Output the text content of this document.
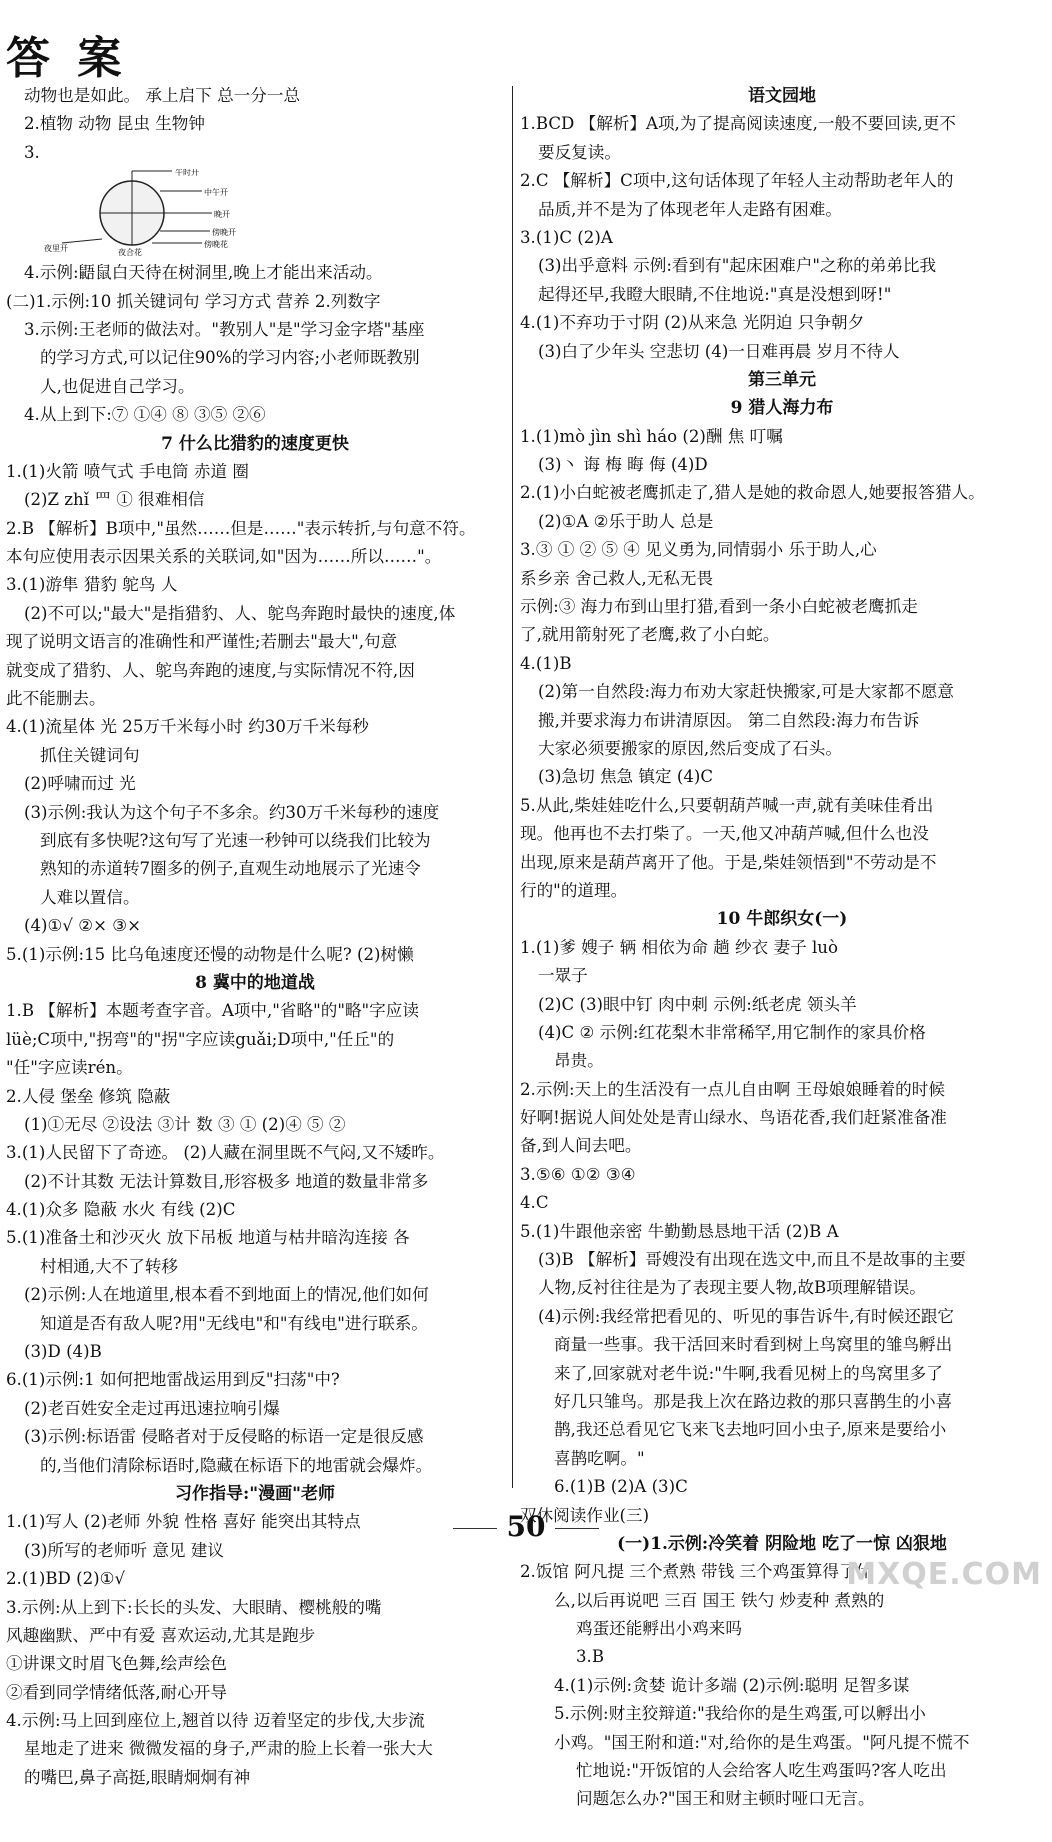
答 案
动物也是如此。 承上启下 总一分一总
2.植物 动物 昆虫 生物钟
3.
午时开
中午开
晚开
傍晚开
傍晚花
夜里开	夜合花
4.示例:鼯鼠白天待在树洞里,晚上才能出来活动。
(二)1.示例:10 抓关键词句 学习方式 营养 2.列数字
3.示例:王老师的做法对。"教别人"是"学习金字塔"基座
的学习方式,可以记住90%的学习内容;小老师既教别
人,也促进自己学习。
4.从上到下:⑦ ①④ ⑧ ③⑤ ②⑥
7 什么比猎豹的速度更快
1.(1)火箭 喷气式 手电筒 赤道 圈
(2)Z zhǐ 罒 ① 很难相信
2.B 【解析】B项中,"虽然……但是……"表示转折,与句意不符。
本句应使用表示因果关系的关联词,如"因为……所以……"。
3.(1)游隼 猎豹 鸵鸟 人
(2)不可以;"最大"是指猎豹、人、鸵鸟奔跑时最快的速度,体
现了说明文语言的准确性和严谨性;若删去"最大",句意
就变成了猎豹、人、鸵鸟奔跑的速度,与实际情况不符,因
此不能删去。
4.(1)流星体 光 25万千米每小时 约30万千米每秒
抓住关键词句
(2)呼啸而过 光
(3)示例:我认为这个句子不多余。约30万千米每秒的速度
到底有多快呢?这句写了光速一秒钟可以绕我们比较为
熟知的赤道转7圈多的例子,直观生动地展示了光速令
人难以置信。
(4)①√ ②× ③×
5.(1)示例:15 比乌龟速度还慢的动物是什么呢? (2)树懒
8 冀中的地道战
1.B 【解析】本题考查字音。A项中,"省略"的"略"字应读
lüè;C项中,"拐弯"的"拐"字应读guǎi;D项中,"任丘"的
"任"字应读rén。
2.人侵 堡垒 修筑 隐蔽
(1)①无尽 ②设法 ③计 数 ③ ① (2)④ ⑤ ②
3.(1)人民留下了奇迹。 (2)人藏在洞里既不气闷,又不矮昨。
(2)不计其数 无法计算数目,形容极多 地道的数量非常多
4.(1)众多 隐蔽 水火 有线 (2)C
5.(1)准备土和沙灭火 放下吊板 地道与枯井暗沟连接 各
村相通,大不了转移
(2)示例:人在地道里,根本看不到地面上的情况,他们如何
知道是否有敌人呢?用"无线电"和"有线电"进行联系。
(3)D (4)B
6.(1)示例:1 如何把地雷战运用到反"扫荡"中?
(2)老百姓安全走过再迅速拉响引爆
(3)示例:标语雷 侵略者对于反侵略的标语一定是很反感
的,当他们清除标语时,隐藏在标语下的地雷就会爆炸。
习作指导:"漫画"老师
1.(1)写人 (2)老师 外貌 性格 喜好 能突出其特点
(3)所写的老师听 意见 建议
2.(1)BD (2)①√
3.示例:从上到下:长长的头发、大眼睛、樱桃般的嘴
风趣幽默、严中有爱 喜欢运动,尤其是跑步
①讲课文时眉飞色舞,绘声绘色
②看到同学情绪低落,耐心开导
4.示例:马上回到座位上,翘首以待 迈着坚定的步伐,大步流
星地走了进来 微微发福的身子,严肃的脸上长着一张大大
的嘴巴,鼻子高挺,眼睛炯炯有神
语文园地
1.BCD 【解析】A项,为了提高阅读速度,一般不要回读,更不
要反复读。
2.C 【解析】C项中,这句话体现了年轻人主动帮助老年人的
品质,并不是为了体现老年人走路有困难。
3.(1)C (2)A
(3)出乎意料 示例:看到有"起床困难户"之称的弟弟比我
起得还早,我瞪大眼睛,不住地说:"真是没想到呀!"
4.(1)不弃功于寸阴 (2)从来急 光阴迫 只争朝夕
(3)白了少年头 空悲切 (4)一日难再晨 岁月不待人
第三单元
9 猎人海力布
1.(1)mò jìn shì háo (2)酬 焦 叮嘱
(3)丶 诲 梅 晦 侮 (4)D
2.(1)小白蛇被老鹰抓走了,猎人是她的救命恩人,她要报答猎人。
(2)①A ②乐于助人 总是
3.③ ① ② ⑤ ④ 见义勇为,同情弱小 乐于助人,心
系乡亲 舍己救人,无私无畏
示例:③ 海力布到山里打猎,看到一条小白蛇被老鹰抓走
了,就用箭射死了老鹰,救了小白蛇。
4.(1)B
(2)第一自然段:海力布劝大家赶快搬家,可是大家都不愿意
搬,并要求海力布讲清原因。 第二自然段:海力布告诉
大家必须要搬家的原因,然后变成了石头。
(3)急切 焦急 镇定 (4)C
5.从此,柴娃娃吃什么,只要朝葫芦喊一声,就有美味佳肴出
现。他再也不去打柴了。一天,他又冲葫芦喊,但什么也没
出现,原来是葫芦离开了他。于是,柴娃领悟到"不劳动是不
行的"的道理。
10 牛郎织女(一)
1.(1)爹 嫂子 辆 相依为命 趟 纱衣 妻子 luò
一眾子
(2)C (3)眼中钉 肉中刺 示例:纸老虎 领头羊
(4)C ② 示例:红花梨木非常稀罕,用它制作的家具价格
昂贵。
2.示例:天上的生活没有一点儿自由啊 王母娘娘睡着的时候
好啊!据说人间处处是青山绿水、鸟语花香,我们赶紧准备准
备,到人间去吧。
3.⑤⑥ ①② ③④
4.C
5.(1)牛跟他亲密 牛勤勤恳恳地干活 (2)B A
(3)B 【解析】哥嫂没有出现在选文中,而且不是故事的主要
人物,反衬往往是为了表现主要人物,故B项理解错误。
(4)示例:我经常把看见的、听见的事告诉牛,有时候还跟它
商量一些事。我干活回来时看到树上鸟窝里的雏鸟孵出
来了,回家就对老牛说:"牛啊,我看见树上的鸟窝里多了
好几只雏鸟。那是我上次在路边救的那只喜鹊生的小喜
鹊,我还总看见它飞来飞去地叼回小虫子,原来是要给小
喜鹊吃啊。"
6.(1)B (2)A (3)C
双休阅读作业(三)
(一)1.示例:冷笑着 阴险地 吃了一惊 凶狠地
2.饭馆 阿凡提 三个煮熟 带钱 三个鸡蛋算得了什
么,以后再说吧 三百 国王 铁勺 炒麦种 煮熟的
鸡蛋还能孵出小鸡来吗
3.B
4.(1)示例:贪婪 诡计多端 (2)示例:聪明 足智多谋
5.示例:财主狡辩道:"我给你的是生鸡蛋,可以孵出小
小鸡。"国王附和道:"对,给你的是生鸡蛋。"阿凡提不慌不
忙地说:"开饭馆的人会给客人吃生鸡蛋吗?客人吃出
问题怎么办?"国王和财主顿时哑口无言。
50
MXQE.COM
